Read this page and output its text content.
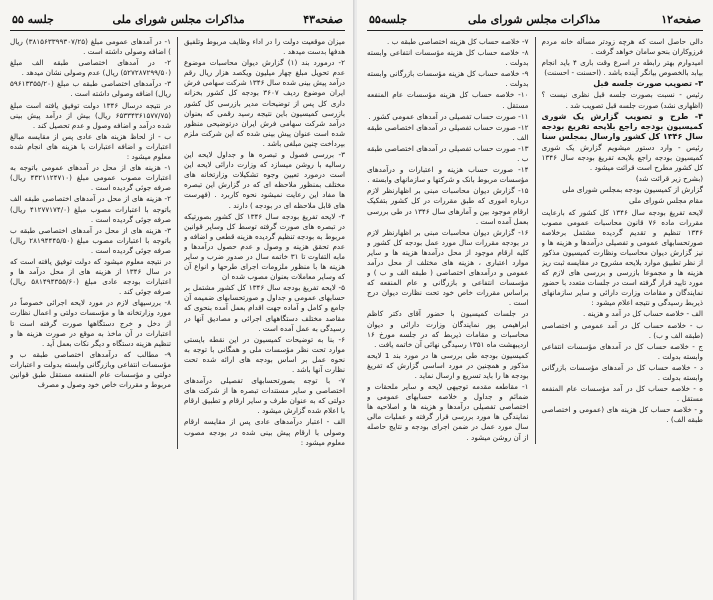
صفحه۴۳
مذاکرات مجلس شورای ملی
جلسه ۵۵

میزان موقعیت دولت را در اداء وظایف مربوط وتلفیق هدفها بدست میدهد .

۲- درمورد بند (۱) گزارش دیوان محاسبات موضوع عدم تحویل مبلغ چهار میلیون ویکصد هزار ریال رقم درآمد پیش بینی شده سال ۱۳۴۶ شرکت سهامی فرش ایران موضوع ردیف ۳۶۰۷ بودجه کل کشور بخزانه داری کل پس از توضیحات مدیر بازرسی کل کشور بازرسی کمیسیون باین نتیجه رسید رقمی که بعنوان درآمد شرکت سهامی فرش ایران درتوضیحی منظور شده است عنوان پیش بینی شده که این شرکت ملزم بپرداخت چنین مبلغی باشد .

۳- بررسی فصول و تبصره ها و جداول لایحه این رسالیه با روشن میسازد که وزارت دارائی لایحه این است درمورد تعیین وجوه تشکیلات وزارتخانه های مختلف بمنظور ملاحظه ای که در گزارش این تبصره ها مفاد این رعایت نمیشود نحوه کاربرد . (فهرست های قابل ملاحظه ای در بودجه ) دارند .

۴- لایحه تفریغ بودجه سال ۱۳۴۶ کل کشور بصورتیکه در تبصره های صورت گرفته توسط کل وسایر قوانین مربوط به بودجه تنظیم گردیده هزینه قطعی و اضافه و عدم تحقق هزینه و وصول و عدم حصول درآمدها و مابه التفاوت تا ۳۱ خاتمه سال در صدور ضرب و سایر هزینه ها با منظور ملزومات اجرای طرحها و انواع آن که وسایر معاملات بعنوان مصوب شده ان

۵- لایحه تفریغ بودجه سال ۱۳۴۶ کل کشور مشتمل بر حسابهای عمومی و جداول و صورتحسابهای ضمیمه آن جامع و کامل و آماده جهت اقدام بعمل آمده بنحوی که مقاصد مختلف دستگاههای اجرائی و مصادیق آنها در رسیدگی به عمل آمده است .

۶- بنا به توضیحات کمیسیون در این نقطه بایستی موارد تحت نظر مؤسسات ملی و همگانی با توجه به نحوه عمل بر اساس بودجه های ارائه شده تحت نظارت آنها باشد .

۷- با توجه بصورتحسابهای تفصیلی درآمدهای اختصاصی و سایر مستندات تبصره ها از شرکت های دولتی که به عنوان طرف و سایر ارقام و تطبیق ارقام با اعلام شده گزارش میشود .

الف - اعتبار درآمدهای عادی پس از مقایسه ارقام وصولی با ارقام پیش بینی شده در بودجه مصوب معلوم میشود :

۱- در آمدهای عمومی مبلغ (۳۸۱۵۶۳۳۹۹۳۰۷/۲۵) ریال ) اضافه وصولی داشته است .

۲- در آمدهای اختصاصی طبقه الف مبلغ (۵۲۷۲۸۷۲۹۹/۵۰) ریال) عدم وصولی نشان میدهد .

۳- درآمدهای اختصاصی طبقه ب مبلغ (۵۹۶۱۳۳۵۵/۲۰ ریال) اضافه وصولی داشته است .

در نتیجه درسال ۱۳۴۶ دولت توفیق یافته است مبلغ (۶۵۳۳۴۳۶۱۵۷۷/۷۵ ریال) بیش از درآمد پیش بینی شده درآمد و اضافه وصول و عدم تحصیل کند .

ب - از لحاظ هزینه های عادی پس از مقایسه مبالغ اعتبارات و اضافه اعتبارات با هزینه های انجام شده معلوم میشود :

۱- هزینه های از محل در آمدهای عمومی باتوجه به اعتبارات مصوب عمومی مبلغ (۴۳۲۱۱۲۴۷۱۰ ریال) صرفه جوئی گردیده است .

۲- هزینه های از محل در آمدهای اختصاصی طبقه الف باتوجه با اعتبارات مصوب مبلغ (۴۱۲۷۷۱۷۴/۰ ریال) صرفه جوئی گردیده است .

۳- هزینه های از محل در آمدهای اختصاصی طبقه ب باتوجه با اعتبارات مصوب مبلغ (۲۸۱۹۴۴۴۵/۵۰ ریال) صرفه جوئی گردیده است .

در نتیجه معلوم میشود که دولت توفیق یافته است که در سال ۱۳۴۶ از هزینه های از محل درآمد ها و اعتبارات بودجه عادی مبلغ (۵۸۱۴۹۴۳۵۵/۶۰ ریال) صرفه جوئی کند .

۸- بررسیهای لازم در مورد لایحه اجرائی خصوصاً در مورد وزارتخانه ها و مؤسسات دولتی و اعمال نظارت از دخل و خرج دستگاهها صورت گرفته است تا اعتبارات در آن ماخذ به موقع در صورت هزینه ها و تنظیم هزینه دستگاه و دیگر نکات بعمل آید .

۹- مطالب که درآمدهای اختصاصی طبقه ب و مؤسسات انتفاعی وبازرگانی وابسته بدولت و اعتبارات دولتی و مؤسسات عام المنفعه مستقل طبق قوانین مربوط و مقررات خاص خود وصول و مصرف

صفحه۱۲
مذاکرات مجلس شورای ملی
جلسه۵۵

دالی حاصل است که هرچه زودتر مسأله خانه مردم فرزوکاران بنحو سامان خواهد گرفت .

امیدوارم بهتر رابطه در اسرع وقت باری ۴ باید انجام بیابد بالخصوص بیانگر آینده باشد . (احسنت - احسنت)

۳- تصویب صورت جلسه قبل

رئیس - نسبت بصورت جلسه قبل نظری نیست ؟ (اظهاری نشد) صورت جلسه قبل تصویب شد .

۴- طرح و تصویب گزارش یک شوری کمیسیون بودجه راجع بلایحه تفریغ بودجه سال ۱۳۴۶ کل کشور وارسال بمجلس سنا

رئیس - وارد دستور میشویم گزارش یک شوری کمیسیون بودجه راجع بلایحه تفریغ بودجه سال ۱۳۴۶ کل کشور مطرح است قرائت میشود .

(بشرح زیر قرائت شد)

گزارش از کمیسیون بودجه بمجلس شورای ملی

مقام مجلس شورای ملی

لایحه تفریغ بودجه سال ۱۳۴۶ کل کشور که بارعایت مقررات ماده ۷۶ قانون محاسبات عمومی مصوب ۱۳۴۶ تنظیم و تقدیم گردیده مشتمل برخلاصه صورتحسابهای عمومی و تفصیلی درآمدها و هزینه ها و نیز گزارش دیوان محاسبات ونظارت کمیسیون مذکور از نظر تطبیق موارد بلایحه مشروح در مقایسه ثبت ریز هزینه ها و مجموعا بازرسی و بررسی های لازم که مورد تایید قرار گرفته است در جلسات متعدد با حضور نمایندگان و مقامات وزارت دارائی و سایر سازمانهای ذیربط رسیدگی و نتیجه اعلام میشود :

الف - خلاصه حساب کل در آمد و هزینه .

ب - خلاصه حساب کل در آمد عمومی و اختصاصی (طبقه الف و ب) .

ج - خلاصه حساب کل در آمدهای مؤسسات انتفاعی وابسته بدولت .

د - خلاصه حساب کل در آمدهای مؤسسات بازرگانی وابسته بدولت .

ه - خلاصه حساب کل در آمد مؤسسات عام المنفعه مستقل .

و - خلاصه حساب کل هزینه های (عمومی و اختصاصی طبقه الف) .

۷- خلاصه حساب کل هزینه اختصاصی طبقه ب .

۸- خلاصه حساب کل هزینه مؤسسات انتفاعی وابسته بدولت .

۹- خلاصه حساب کل هزینه مؤسسات بازرگانی وابسته بدولت .

۱۰- خلاصه حساب کل هزینه مؤسسات عام المنفعه مستقل .

۱۱- صورت حساب تفصیلی در آمدهای عمومی کشور .

۱۲- صورت حساب تفصیلی در آمدهای اختصاصی طبقه الف .

۱۳- صورت حساب تفصیلی در آمدهای اختصاصی طبقه ب .

۱۴- صورت حساب هزینه و اعتبارات و درآمدهای مؤسسات مربوط بانک و شرکتها و سازمانهای وابسته .

۱۵- گزارش دیوان محاسبات مبنی بر اظهارنظر لازم درباره اموری که طبق مقررات در کل کشور بتفکیک ارقام موجود بین و آمارهای سال ۱۳۴۶ در طی بررسی بعمل آمده است .

۱۶- گزارش دیوان محاسبات مبنی بر اظهارنظر لازم در بودجه مقررات سال مورد عمل بودجه کل کشور و کلیه ارقام موجود از محل درآمدها هزینه ها و سایر موارد اعتباری ، هزینه های مختلف از محل درآمد عمومی و درآمدهای اختصاصی ( طبقه الف و ب ) و مؤسسات انتفاعی و بازرگانی و عام المنفعه که براساس مقررات خاص خود تحت نظارت دیوان درج است .

در جلسات کمیسیون با حضور آقای دکتر کاظم ابراهیمی پور نمایندگان وزارت دارائی و دیوان محاسبات و مقامات ذیربط که در جلسه مورخ ۱۶ اردیبهشت ماه ۱۳۵۱ رسیدگی نهائی آن خاتمه یافت .

کمیسیون بودجه طی بررسی ها در مورد بند 1 لایحه مذکور و همچنین در مورد اساسی گزارش که تفریغ بودجه ها را باید تسریع و ارسال نماید .

۱- مقاطعه مقدمه توجیهی لایحه و سایر ملحقات و ضمائم و جداول و خلاصه حسابهای عمومی و اختصاصی تفصیلی درآمدها و هزینه ها و اصلاحیه ها نمایندگی ها مورد بررسی قرار گرفته و عملیات مالی سال مورد عمل در ضمن اجرای بودجه و نتایج حاصله از آن روشن میشود .
